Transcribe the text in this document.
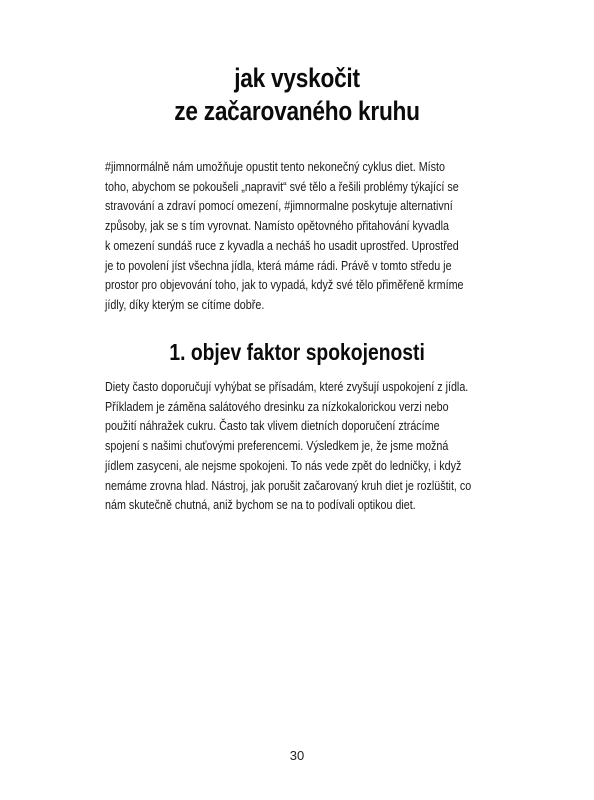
jak vyskočit
ze začarovaného kruhu

#jimnormálně nám umožňuje opustit tento nekonečný cyklus diet. Místo
toho, abychom se pokoušeli „napravit“ své tělo a řešili problémy týkající se
stravování a zdraví pomocí omezení, #jimnormalne poskytuje alternativní
způsoby, jak se s tím vyrovnat. Namísto opětovného přitahování kyvadla
k omezení sundáš ruce z kyvadla a necháš ho usadit uprostřed. Uprostřed
je to povolení jíst všechna jídla, která máme rádi. Právě v tomto středu je
prostor pro objevování toho, jak to vypadá, když své tělo přiměřeně krmíme
jídly, díky kterým se cítíme dobře.

1. objev faktor spokojenosti

Diety často doporučují vyhýbat se přísadám, které zvyšují uspokojení z jídla.
Příkladem je záměna salátového dresinku za nízkokalorickou verzi nebo
použití náhražek cukru. Často tak vlivem dietních doporučení ztrácíme
spojení s našimi chuťovými preferencemi. Výsledkem je, že jsme možná
jídlem zasyceni, ale nejsme spokojeni. To nás vede zpět do ledničky, i když
nemáme zrovna hlad. Nástroj, jak porušit začarovaný kruh diet je rozlüštit, co
nám skutečně chutná, aniž bychom se na to podívali optikou diet.

30
